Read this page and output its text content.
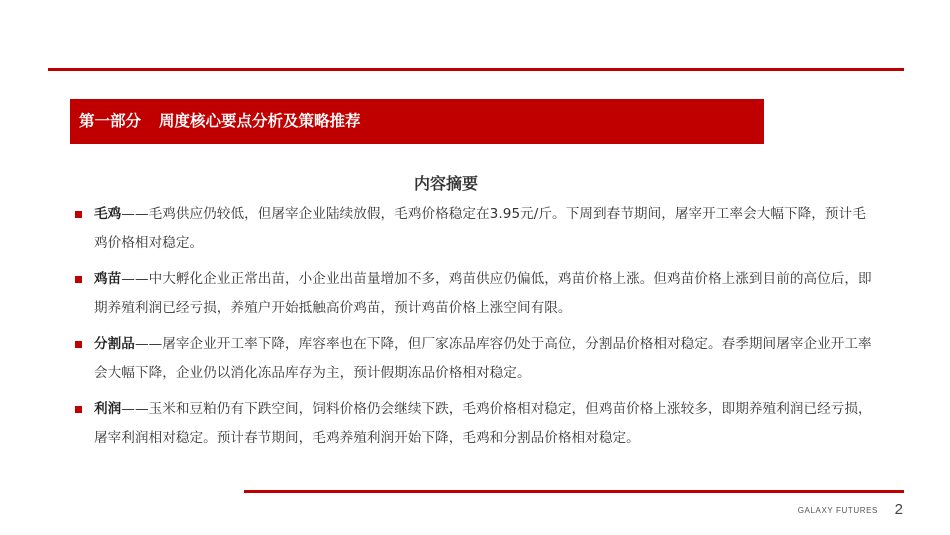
第一部分 周度核心要点分析及策略推荐
内容摘要
毛鸡——毛鸡供应仍较低，但屠宰企业陆续放假，毛鸡价格稳定在3.95元/斤。下周到春节期间，屠宰开工率会大幅下降，预计毛鸡价格相对稳定。
鸡苗——中大孵化企业正常出苗，小企业出苗量增加不多，鸡苗供应仍偏低，鸡苗价格上涨。但鸡苗价格上涨到目前的高位后，即期养殖利润已经亏损，养殖户开始抵触高价鸡苗，预计鸡苗价格上涨空间有限。
分割品——屠宰企业开工率下降，库容率也在下降，但厂家冻品库容仍处于高位，分割品价格相对稳定。春季期间屠宰企业开工率会大幅下降，企业仍以消化冻品库存为主，预计假期冻品价格相对稳定。
利润——玉米和豆粕仍有下跌空间，饲料价格仍会继续下跌，毛鸡价格相对稳定，但鸡苗价格上涨较多，即期养殖利润已经亏损，屠宰利润相对稳定。预计春节期间，毛鸡养殖利润开始下降，毛鸡和分割品价格相对稳定。
GALAXY FUTURES 2
